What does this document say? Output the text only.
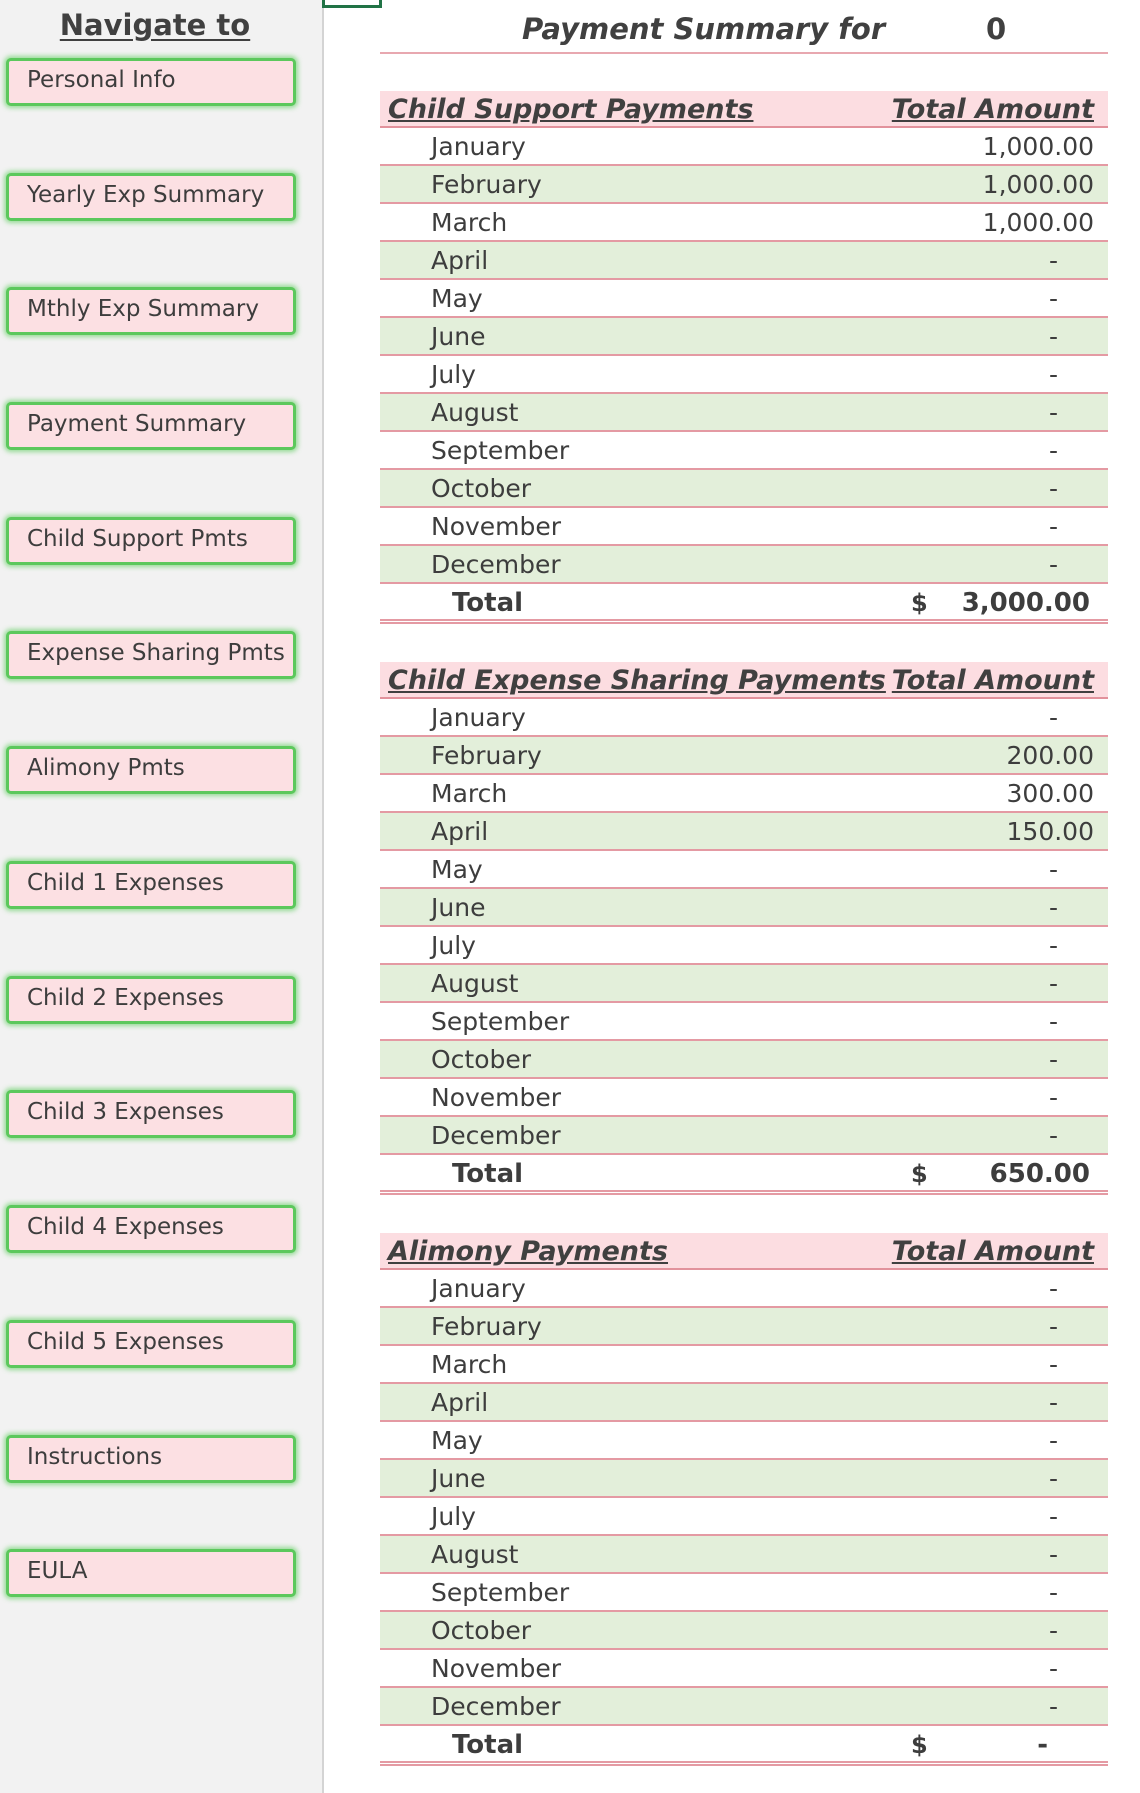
Navigate to
Personal Info
Yearly Exp Summary
Mthly Exp Summary
Payment Summary
Child Support Pmts
Expense Sharing Pmts
Alimony Pmts
Child 1 Expenses
Child 2 Expenses
Child 3 Expenses
Child 4 Expenses
Child 5 Expenses
Instructions
EULA
Payment Summary for	0
Child Support Payments	Total Amount
January	1,000.00
February	1,000.00
March	1,000.00
April	-
May	-
June	-
July	-
August	-
September	-
October	-
November	-
December	-
Total	$ 3,000.00
Child Expense Sharing Payments Total Amount
January	-
February	200.00
March	300.00
April	150.00
May	-
June	-
July	-
August	-
September	-
October	-
November	-
December	-
Total	$ 650.00
Alimony Payments	Total Amount
January	-
February	-
March	-
April	-
May	-
June	-
July	-
August	-
September	-
October	-
November	-
December	-
Total	$	-
